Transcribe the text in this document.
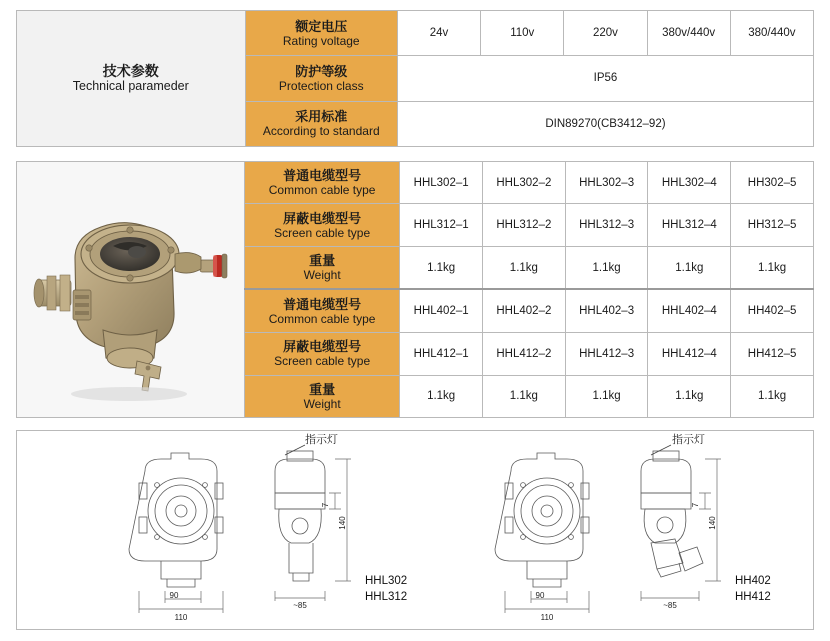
技术参数
Technical parameder

额定电压
Rating voltage
	24v	110v	220v	380v/440v	380/440v

	防护等级
Protection class	IP56				

	采用标准
According to standard	DIN89270(CB3412–92)				
普通电缆型号
Common cable type	HHL302–1	HHL302–2	HHL302–3	HHL302–4	HH302–5

屏蔽电缆型号
Screen cable type	HHL312–1	HHL312–2	HHL312–3	HHL312–4	HH312–5

重量
Weight	1.1kg	1.1kg	1.1kg	1.1kg	1.1kg

普通电缆型号
Common cable type	HHL402–1	HHL402–2	HHL402–3	HHL402–4	HH402–5

屏蔽电缆型号
Screen cable type	HHL412–1	HHL412–2	HHL412–3	HHL412–4	HH412–5

重量
Weight	1.1kg	1.1kg	1.1kg	1.1kg	1.1kg
90
110
~85
140
7
指示灯
HHL302
HHL312	90
110
~85
140
7
指示灯
HH402
HH412
